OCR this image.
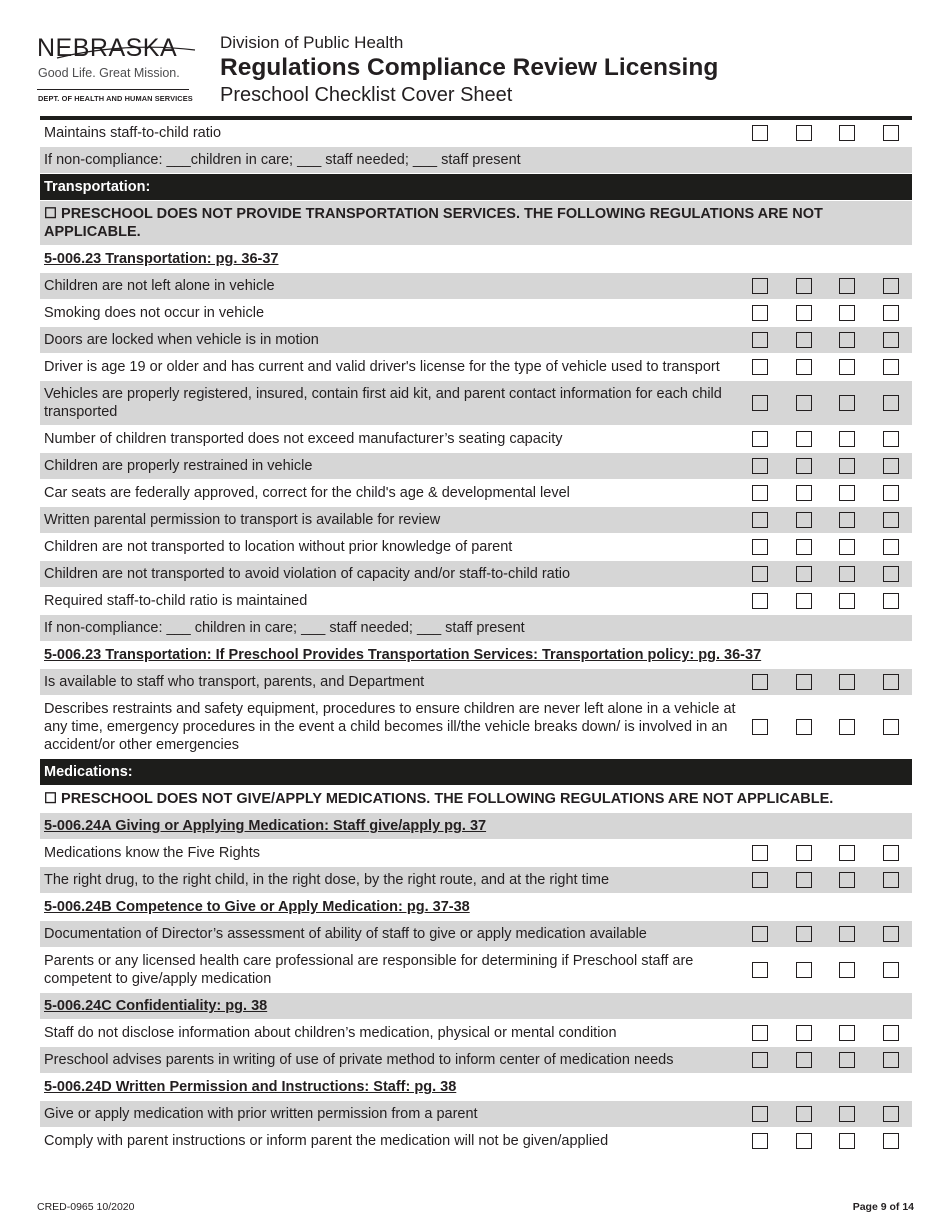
NEBRASKA
Good Life. Great Mission.
DEPT. OF HEALTH AND HUMAN SERVICES
Division of Public Health
Regulations Compliance Review Licensing
Preschool Checklist Cover Sheet
Maintains staff-to-child ratio
If non-compliance: ___children in care; ___ staff needed; ___ staff present
Transportation:
☐ PRESCHOOL DOES NOT PROVIDE TRANSPORTATION SERVICES. THE FOLLOWING REGULATIONS ARE NOT APPLICABLE.
5-006.23 Transportation: pg. 36-37
Children are not left alone in vehicle
Smoking does not occur in vehicle
Doors are locked when vehicle is in motion
Driver is age 19 or older and has current and valid driver's license for the type of vehicle used to transport
Vehicles are properly registered, insured, contain first aid kit, and parent contact information for each child transported
Number of children transported does not exceed manufacturer’s seating capacity
Children are properly restrained in vehicle
Car seats are federally approved, correct for the child's age & developmental level
Written parental permission to transport is available for review
Children are not transported to location without prior knowledge of parent
Children are not transported to avoid violation of capacity and/or staff-to-child ratio
Required staff-to-child ratio is maintained
If non-compliance: ___ children in care; ___ staff needed; ___ staff present
5-006.23 Transportation: If Preschool Provides Transportation Services: Transportation policy: pg. 36-37
Is available to staff who transport, parents, and Department
Describes restraints and safety equipment, procedures to ensure children are never left alone in a vehicle at any time, emergency procedures in the event a child becomes ill/the vehicle breaks down/ is involved in an accident/or other emergencies
Medications:
☐ PRESCHOOL DOES NOT GIVE/APPLY MEDICATIONS. THE FOLLOWING REGULATIONS ARE NOT APPLICABLE.
5-006.24A Giving or Applying Medication: Staff give/apply pg. 37
Medications know the Five Rights
The right drug, to the right child, in the right dose, by the right route, and at the right time
5-006.24B Competence to Give or Apply Medication: pg. 37-38
Documentation of Director’s assessment of ability of staff to give or apply medication available
Parents or any licensed health care professional are responsible for determining if Preschool staff are competent to give/apply medication
5-006.24C Confidentiality: pg. 38
Staff do not disclose information about children’s medication, physical or mental condition
Preschool advises parents in writing of use of private method to inform center of medication needs
5-006.24D Written Permission and Instructions: Staff: pg. 38
Give or apply medication with prior written permission from a parent
Comply with parent instructions or inform parent the medication will not be given/applied
CRED-0965 10/2020	Page 9 of 14
